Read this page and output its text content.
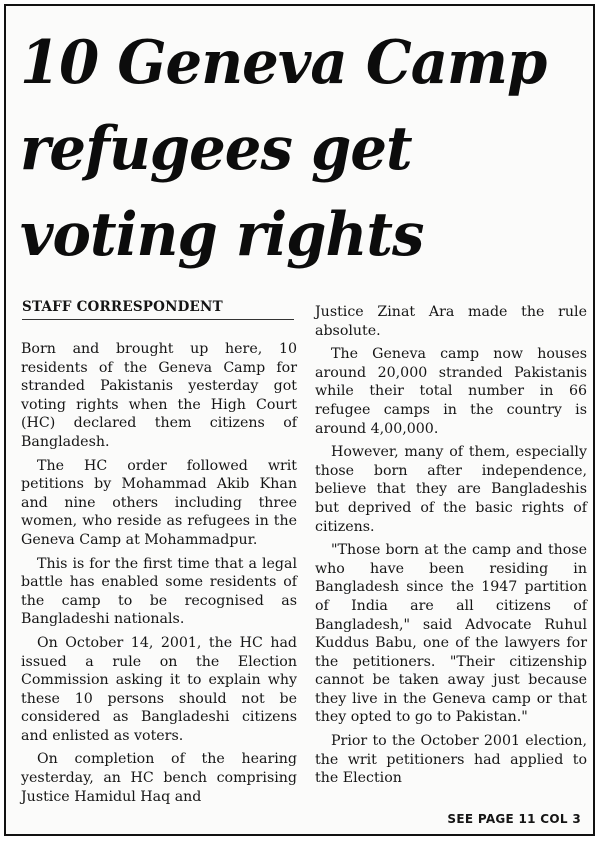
10 Geneva Camp
refugees get
voting rights
STAFF CORRESPONDENT

Born and brought up here, 10 residents of the Geneva Camp for stranded Pakistanis yesterday got voting rights when the High Court (HC) declared them citizens of Bangladesh.

The HC order followed writ petitions by Mohammad Akib Khan and nine others including three women, who reside as refugees in the Geneva Camp at Mohammadpur.

This is for the first time that a legal battle has enabled some residents of the camp to be recognised as Bangladeshi nationals.

On October 14, 2001, the HC had issued a rule on the Election Commission asking it to explain why these 10 persons should not be considered as Bangladeshi citizens and enlisted as voters.

On completion of the hearing yesterday, an HC bench comprising Justice Hamidul Haq and

Justice Zinat Ara made the rule absolute.

The Geneva camp now houses around 20,000 stranded Pakistanis while their total number in 66 refugee camps in the country is around 4,00,000.

However, many of them, especially those born after independence, believe that they are Bangladeshis but deprived of the basic rights of citizens.

"Those born at the camp and those who have been residing in Bangladesh since the 1947 partition of India are all citizens of Bangladesh," said Advocate Ruhul Kuddus Babu, one of the lawyers for the petitioners. "Their citizenship cannot be taken away just because they live in the Geneva camp or that they opted to go to Pakistan."

Prior to the October 2001 election, the writ petitioners had applied to the Election

SEE PAGE 11 COL 3
